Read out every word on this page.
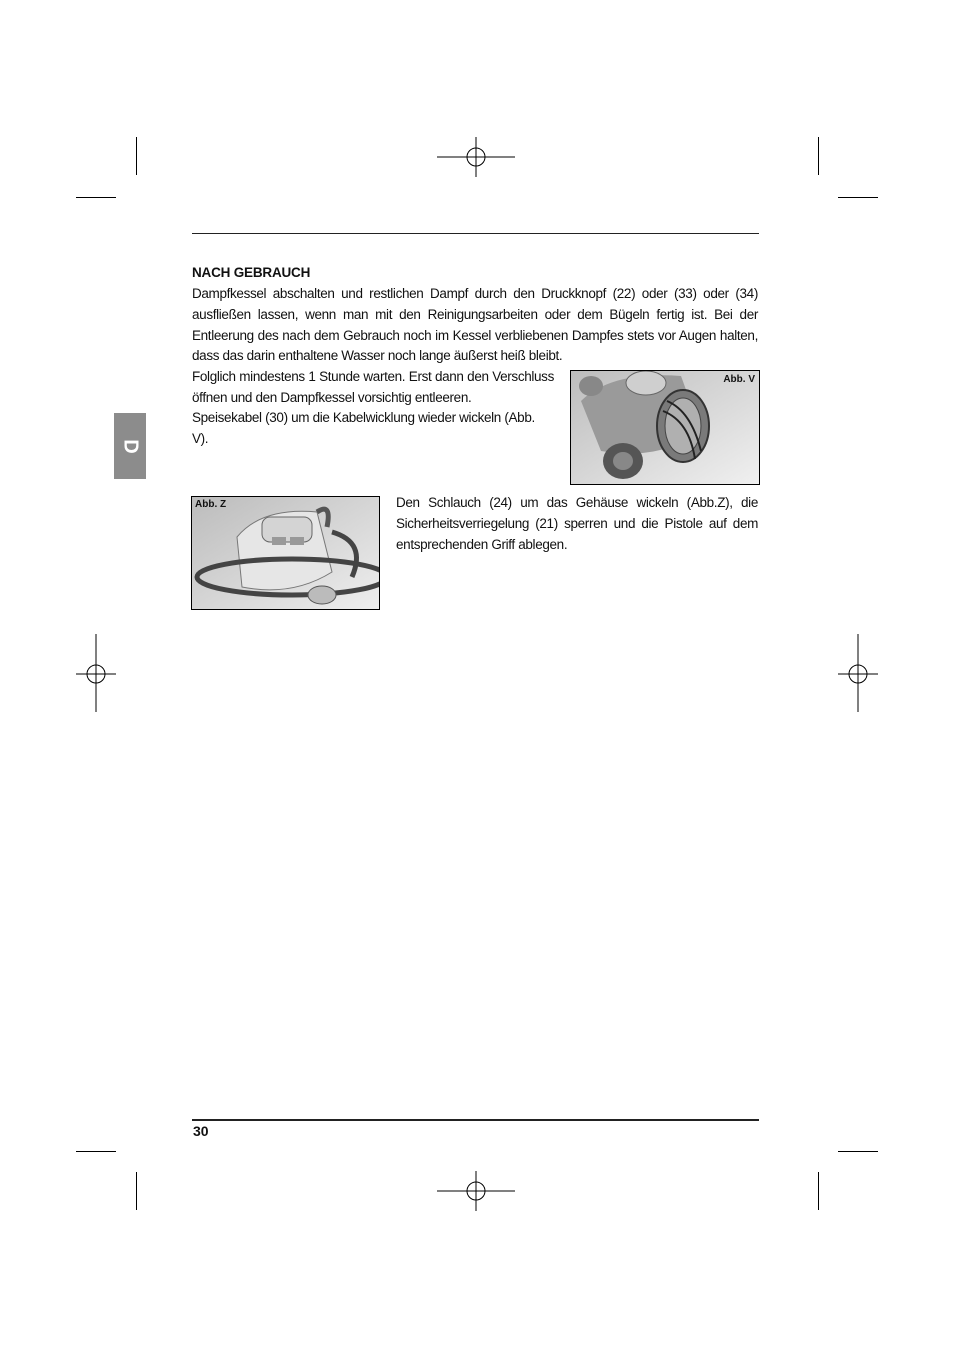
D
NACH GEBRAUCH
Dampfkessel abschalten und restlichen Dampf durch den Druckknopf (22) oder (33) oder (34) ausfließen lassen, wenn man mit den Reinigungsarbeiten oder dem Bügeln fertig ist. Bei der Entleerung des nach dem Gebrauch noch im Kessel verbliebenen Dampfes stets vor Augen halten, dass das darin enthaltene Wasser noch lange äußerst heiß bleibt.
Folglich mindestens 1 Stunde warten. Erst dann den Verschluss öffnen und den Dampfkessel vorsichtig entleeren.
Speisekabel (30) um die Kabelwicklung wieder wickeln (Abb. V).
Abb. V
Abb. Z	Den Schlauch (24) um das Gehäuse wickeln (Abb.Z), die Sicherheitsverriegelung (21) sperren und die Pistole auf dem entsprechenden Griff ablegen.
30
